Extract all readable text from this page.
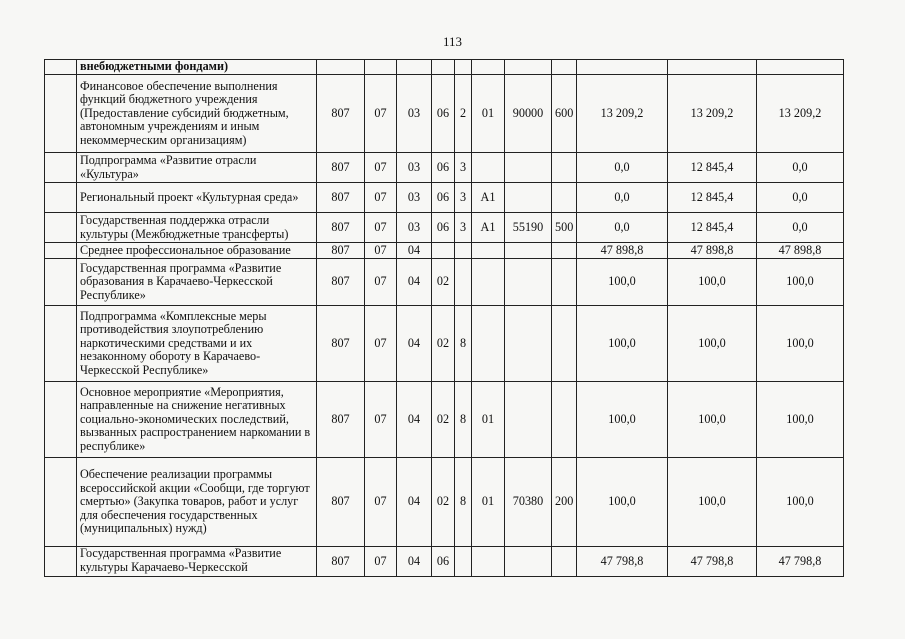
113
	внебюджетными фондами)											
	Финансовое обеспечение выполнения функций бюджетного учреждения (Предоставление субсидий бюджетным, автономным учреждениям и иным некоммерческим организациям)	807	07	03	06	2	01	90000	600	13 209,2	13 209,2	13 209,2
	Подпрограмма «Развитие отрасли «Культура»	807	07	03	06	3				0,0	12 845,4	0,0
	Региональный проект «Культурная среда»	807	07	03	06	3	A1			0,0	12 845,4	0,0
	Государственная поддержка отрасли культуры (Межбюджетные трансферты)	807	07	03	06	3	A1	55190	500	0,0	12 845,4	0,0
	Среднее профессиональное образование	807	07	04						47 898,8	47 898,8	47 898,8
	Государственная программа «Развитие образования в Карачаево-Черкесской Республике»	807	07	04	02					100,0	100,0	100,0
	Подпрограмма «Комплексные меры противодействия злоупотреблению наркотическими средствами и их незаконному обороту в Карачаево-Черкесской Республике»	807	07	04	02	8				100,0	100,0	100,0
	Основное мероприятие «Мероприятия, направленные на снижение негативных социально-экономических последствий, вызванных распространением наркомании в республике»	807	07	04	02	8	01			100,0	100,0	100,0
	Обеспечение реализации программы всероссийской акции «Сообщи, где торгуют смертью» (Закупка товаров, работ и услуг для обеспечения государственных (муниципальных) нужд)	807	07	04	02	8	01	70380	200	100,0	100,0	100,0
	Государственная программа «Развитие культуры Карачаево-Черкесской	807	07	04	06					47 798,8	47 798,8	47 798,8
